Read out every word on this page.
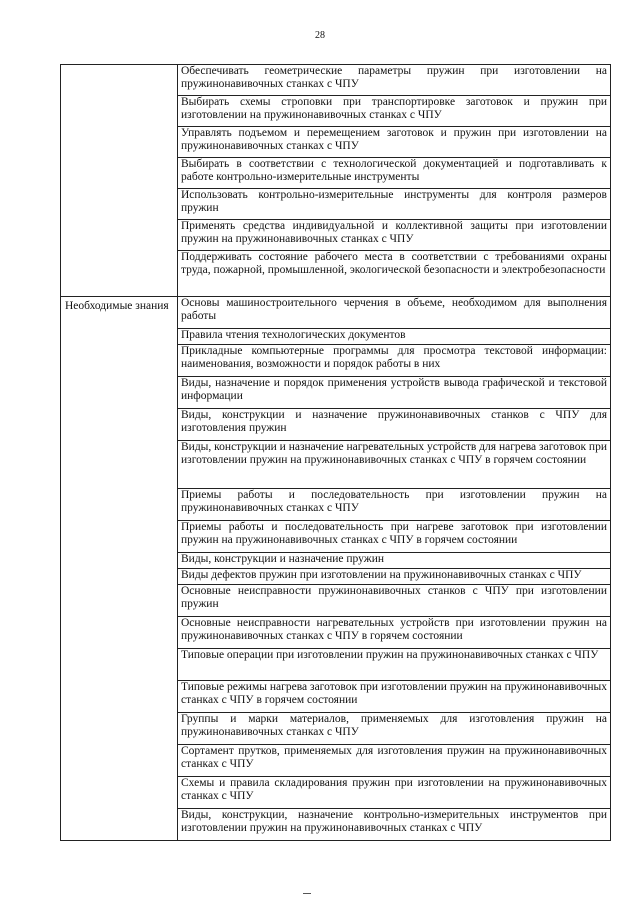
28
	Обеспечивать геометрические параметры пружин при изготовлении на пружинонавивочных станках с ЧПУ
	Выбирать схемы строповки при транспортировке заготовок и пружин при изготовлении на пружинонавивочных станках с ЧПУ
	Управлять подъемом и перемещением заготовок и пружин при изготовлении на пружинонавивочных станках с ЧПУ
	Выбирать в соответствии с технологической документацией и подготавливать к работе контрольно-измерительные инструменты
	Использовать контрольно-измерительные инструменты для контроля размеров пружин
	Применять средства индивидуальной и коллективной защиты при изготовлении пружин на пружинонавивочных станках с ЧПУ
	Поддерживать состояние рабочего места в соответствии с требованиями охраны труда, пожарной, промышленной, экологической безопасности и электробезопасности
Необходимые знания	Основы машиностроительного черчения в объеме, необходимом для выполнения работы
	Правила чтения технологических документов
	Прикладные компьютерные программы для просмотра текстовой информации: наименования, возможности и порядок работы в них
	Виды, назначение и порядок применения устройств вывода графической и текстовой информации
	Виды, конструкции и назначение пружинонавивочных станков с ЧПУ для изготовления пружин
	Виды, конструкции и назначение нагревательных устройств для нагрева заготовок при изготовлении пружин на пружинонавивочных станках с ЧПУ в горячем состоянии
	Приемы работы и последовательность при изготовлении пружин на пружинонавивочных станках с ЧПУ
	Приемы работы и последовательность при нагреве заготовок при изготовлении пружин на пружинонавивочных станках с ЧПУ в горячем состоянии
	Виды, конструкции и назначение пружин
	Виды дефектов пружин при изготовлении на пружинонавивочных станках с ЧПУ
	Основные неисправности пружинонавивочных станков с ЧПУ при изготовлении пружин
	Основные неисправности нагревательных устройств при изготовлении пружин на пружинонавивочных станках с ЧПУ в горячем состоянии
	Типовые операции при изготовлении пружин на пружинонавивочных станках с ЧПУ
	Типовые режимы нагрева заготовок при изготовлении пружин на пружинонавивочных станках с ЧПУ в горячем состоянии
	Группы и марки материалов, применяемых для изготовления пружин на пружинонавивочных станках с ЧПУ
	Сортамент прутков, применяемых для изготовления пружин на пружинонавивочных станках с ЧПУ
	Схемы и правила складирования пружин при изготовлении на пружинонавивочных станках с ЧПУ
	Виды, конструкции, назначение контрольно-измерительных инструментов при изготовлении пружин на пружинонавивочных станках с ЧПУ
